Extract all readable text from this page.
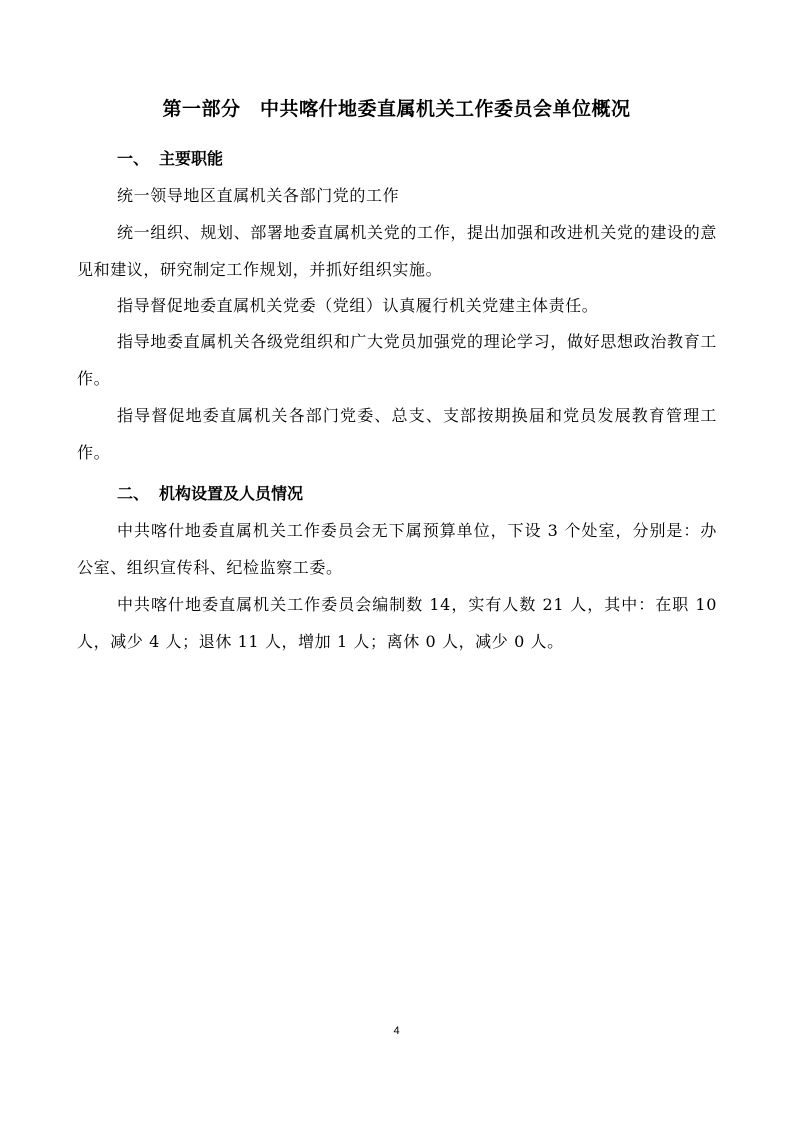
第一部分　中共喀什地委直属机关工作委员会单位概况
一、 主要职能
统一领导地区直属机关各部门党的工作
统一组织、规划、部署地委直属机关党的工作，提出加强和改进机关党的建设的意见和建议，研究制定工作规划，并抓好组织实施。
指导督促地委直属机关党委（党组）认真履行机关党建主体责任。
指导地委直属机关各级党组织和广大党员加强党的理论学习，做好思想政治教育工作。
指导督促地委直属机关各部门党委、总支、支部按期换届和党员发展教育管理工作。
二、 机构设置及人员情况
中共喀什地委直属机关工作委员会无下属预算单位，下设 3 个处室，分别是：办公室、组织宣传科、纪检监察工委。
中共喀什地委直属机关工作委员会编制数 14，实有人数 21 人，其中：在职 10 人，减少 4 人；退休 11 人，增加 1 人；离休 0 人，减少 0 人。
4
